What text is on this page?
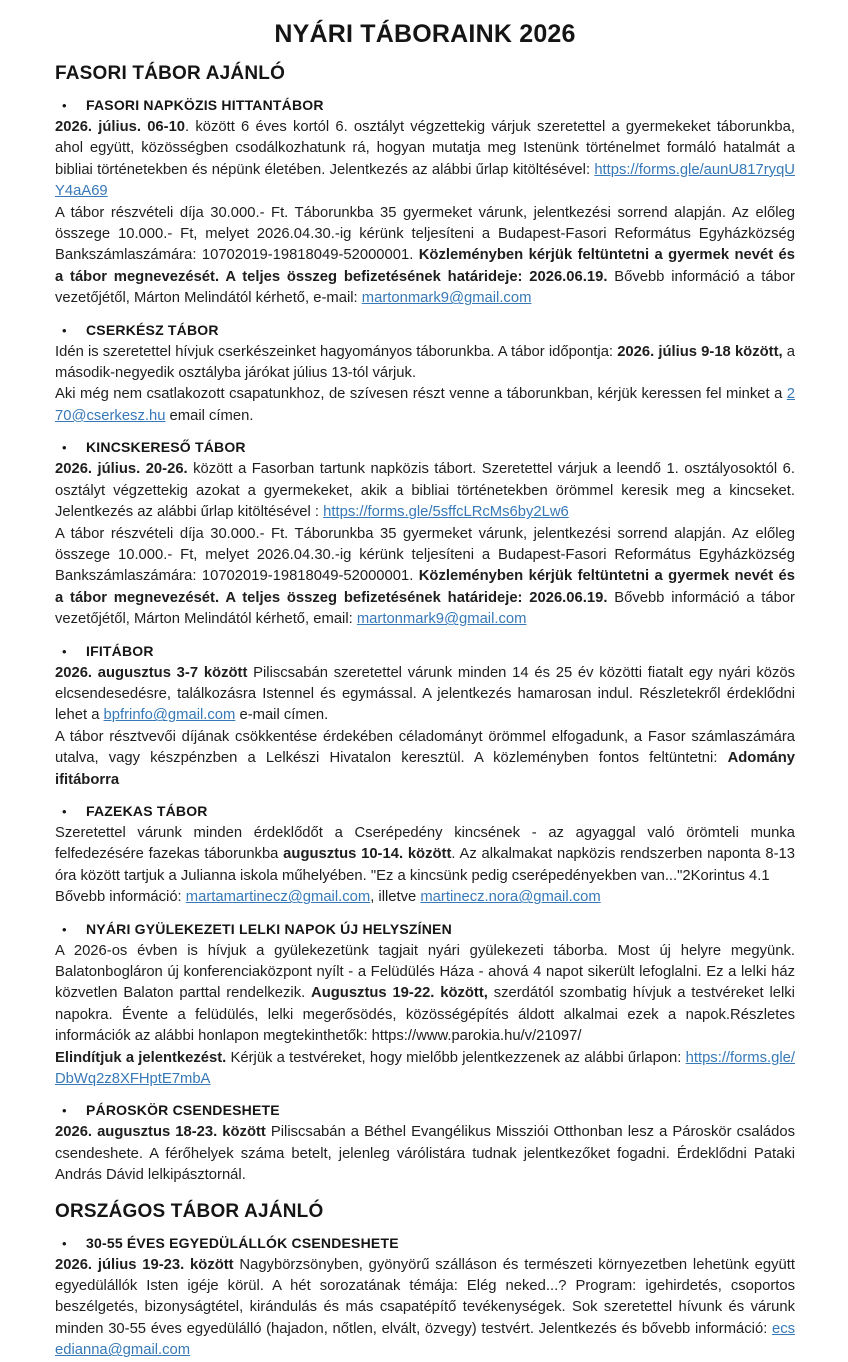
NYÁRI TÁBORAINK 2026
FASORI TÁBOR AJÁNLÓ
•	FASORI NAPKÖZIS HITTANTÁBOR

2026. július. 06-10. között 6 éves kortól 6. osztályt végzettekig várjuk szeretettel a gyermekeket táborunkba, ahol együtt, közösségben csodálkozhatunk rá, hogyan mutatja meg Istenünk történelmet formáló hatalmát a bibliai történetekben és népünk életében. Jelentkezés az alábbi űrlap kitöltésével: https://forms.gle/aunU817ryqUY4aA69

A tábor részvételi díja 30.000.- Ft. Táborunkba 35 gyermeket várunk, jelentkezési sorrend alapján. Az előleg összege 10.000.- Ft, melyet 2026.04.30.-ig kérünk teljesíteni a Budapest-Fasori Református Egyházközség Bankszámlaszámára: 10702019-19818049-52000001. Közleményben kérjük feltüntetni a gyermek nevét és a tábor megnevezését. A teljes összeg befizetésének határideje: 2026.06.19. Bővebb információ a tábor vezetőjétől, Márton Melindától kérhető, e-mail: martonmark9@gmail.com

•	CSERKÉSZ TÁBOR

Idén is szeretettel hívjuk cserkészeinket hagyományos táborunkba. A tábor időpontja: 2026. július 9-18 között, a második-negyedik osztályba járókat július 13-tól várjuk.

Aki még nem csatlakozott csapatunkhoz, de szívesen részt venne a táborunkban, kérjük keressen fel minket a 270@cserkesz.hu email címen.

•	KINCSKERESŐ TÁBOR

2026. július. 20-26. között a Fasorban tartunk napközis tábort. Szeretettel várjuk a leendő 1. osztályosoktól 6. osztályt végzettekig azokat a gyermekeket, akik a bibliai történetekben örömmel keresik meg a kincseket. Jelentkezés az alábbi űrlap kitöltésével : https://forms.gle/5sffcLRcMs6by2Lw6

A tábor részvételi díja 30.000.- Ft. Táborunkba 35 gyermeket várunk, jelentkezési sorrend alapján. Az előleg összege 10.000.- Ft, melyet 2026.04.30.-ig kérünk teljesíteni a Budapest-Fasori Református Egyházközség Bankszámlaszámára: 10702019-19818049-52000001. Közleményben kérjük feltüntetni a gyermek nevét és a tábor megnevezését. A teljes összeg befizetésének határideje: 2026.06.19. Bővebb információ a tábor vezetőjétől, Márton Melindától kérhető, email: martonmark9@gmail.com

•	IFITÁBOR

2026. augusztus 3-7 között Piliscsabán szeretettel várunk minden 14 és 25 év közötti fiatalt egy nyári közös elcsendesedésre, találkozásra Istennel és egymással. A jelentkezés hamarosan indul. Részletekről érdeklődni lehet a bpfrinfo@gmail.com e-mail címen.

A tábor résztvevői díjának csökkentése érdekében céladományt örömmel elfogadunk, a Fasor számlaszámára utalva, vagy készpénzben a Lelkészi Hivatalon keresztül. A közleményben fontos feltüntetni: Adomány ifitáborra

•	FAZEKAS TÁBOR

Szeretettel várunk minden érdeklődőt a Cserépedény kincsének - az agyaggal való örömteli munka felfedezésére fazekas táborunkba augusztus 10-14. között. Az alkalmakat napközis rendszerben naponta 8-13 óra között tartjuk a Julianna iskola műhelyében. "Ez a kincsünk pedig cserépedényekben van..."2Korintus 4.1

Bővebb információ: martamartinecz@gmail.com, illetve martinecz.nora@gmail.com

•	NYÁRI GYÜLEKEZETI LELKI NAPOK ÚJ HELYSZÍNEN

A 2026-os évben is hívjuk a gyülekezetünk tagjait nyári gyülekezeti táborba. Most új helyre megyünk. Balatonbogláron új konferenciaközpont nyílt - a Felüdülés Háza - ahová 4 napot sikerült lefoglalni. Ez a lelki ház közvetlen Balaton parttal rendelkezik. Augusztus 19-22. között, szerdától szombatig hívjuk a testvéreket lelki napokra. Évente a felüdülés, lelki megerősödés, közösségépítés áldott alkalmai ezek a napok.Részletes információk az alábbi honlapon megtekinthetők: https://www.parokia.hu/v/21097/

Elindítjuk a jelentkezést. Kérjük a testvéreket, hogy mielőbb jelentkezzenek az alábbi űrlapon: https://forms.gle/DbWq2z8XFHptE7mbA

•	PÁROSKÖR CSENDESHETE

2026. augusztus 18-23. között Piliscsabán a Béthel Evangélikus Missziói Otthonban lesz a Pároskör családos csendeshete. A férőhelyek száma betelt, jelenleg várólistára tudnak jelentkezőket fogadni. Érdeklődni Pataki András Dávid lelkipásztornál.

ORSZÁGOS TÁBOR AJÁNLÓ
•	30-55 ÉVES EGYEDÜLÁLLÓK CSENDESHETE

2026. július 19-23. között Nagybörzsönyben, gyönyörű szálláson és természeti környezetben lehetünk együtt egyedülállók Isten igéje körül. A hét sorozatának témája: Elég neked...? Program: igehirdetés, csoportos beszélgetés, bizonyságtétel, kirándulás és más csapatépítő tevékenységek. Sok szeretettel hívunk és várunk minden 30-55 éves egyedülálló (hajadon, nőtlen, elvált, özvegy) testvért. Jelentkezés és bővebb információ: ecsedianna@gmail.com
